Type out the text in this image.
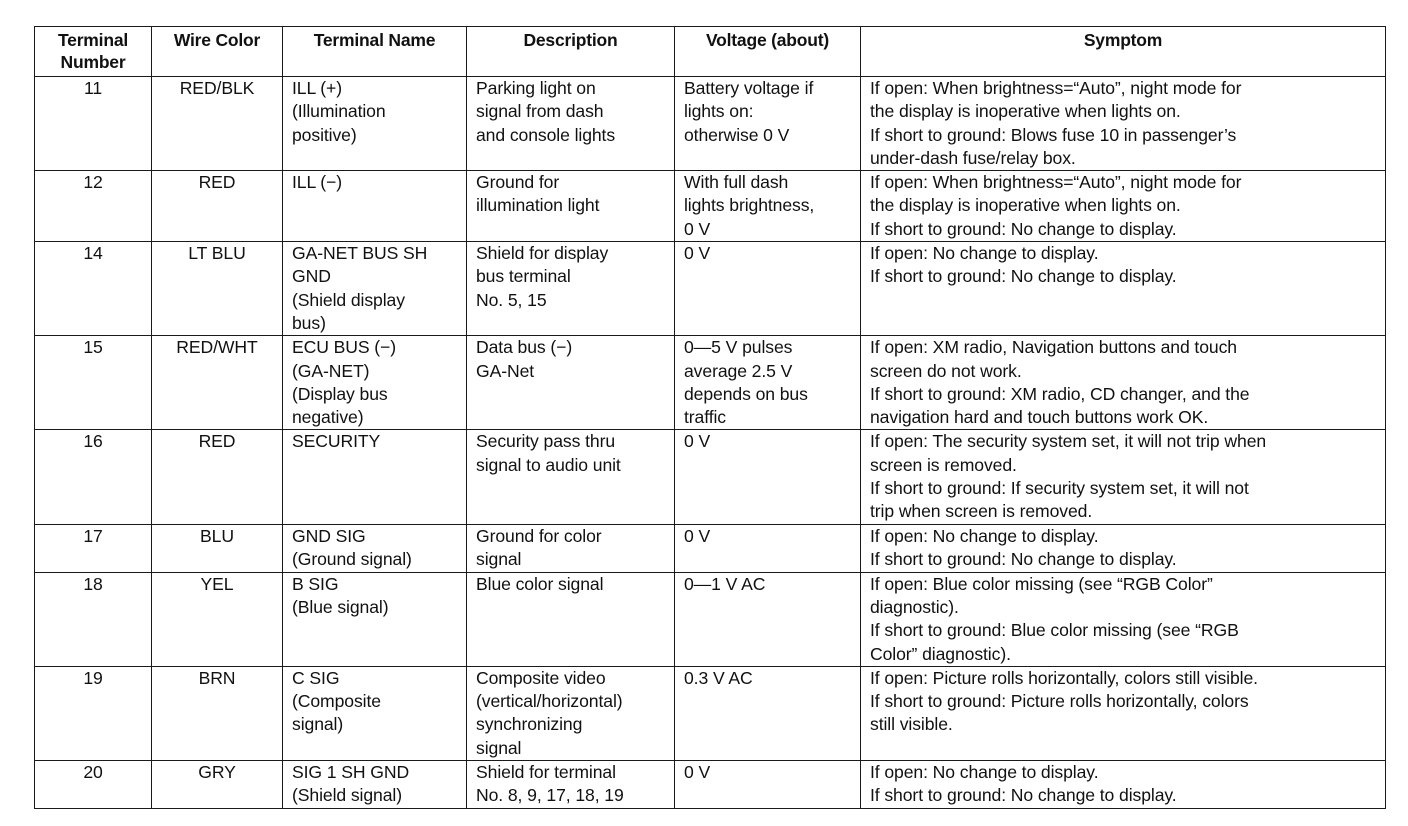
Terminal Number	Wire Color	Terminal Name	Description	Voltage (about)	Symptom
11	RED/BLK	ILL (+)
(Illumination
positive)	Parking light on
signal from dash
and console lights	Battery voltage if
lights on:
otherwise 0 V	If open: When brightness=“Auto”, night mode for
the display is inoperative when lights on.
If short to ground: Blows fuse 10 in passenger’s
under-dash fuse/relay box.

12	RED	ILL (−)	Ground for
illumination light	With full dash
lights brightness,
0 V	If open: When brightness=“Auto”, night mode for
the display is inoperative when lights on.
If short to ground: No change to display.

14	LT BLU	GA-NET BUS SH
GND
(Shield display
bus)	Shield for display
bus terminal
No. 5, 15	0 V	If open: No change to display.
If short to ground: No change to display.

15	RED/WHT	ECU BUS (−)
(GA-NET)
(Display bus
negative)	Data bus (−)
GA-Net	0—5 V pulses
average 2.5 V
depends on bus
traffic	If open: XM radio, Navigation buttons and touch
screen do not work.
If short to ground: XM radio, CD changer, and the
navigation hard and touch buttons work OK.

16	RED	SECURITY	Security pass thru
signal to audio unit	0 V	If open: The security system set, it will not trip when
screen is removed.
If short to ground: If security system set, it will not
trip when screen is removed.

17	BLU	GND SIG
(Ground signal)	Ground for color
signal	0 V	If open: No change to display.
If short to ground: No change to display.

18	YEL	B SIG
(Blue signal)	Blue color signal	0—1 V AC	If open: Blue color missing (see “RGB Color”
diagnostic).
If short to ground: Blue color missing (see “RGB
Color” diagnostic).

19	BRN	C SIG
(Composite
signal)	Composite video
(vertical/horizontal)
synchronizing
signal	0.3 V AC	If open: Picture rolls horizontally, colors still visible.
If short to ground: Picture rolls horizontally, colors
still visible.

20	GRY	SIG 1 SH GND
(Shield signal)	Shield for terminal
No. 8, 9, 17, 18, 19	0 V	If open: No change to display.
If short to ground: No change to display.
